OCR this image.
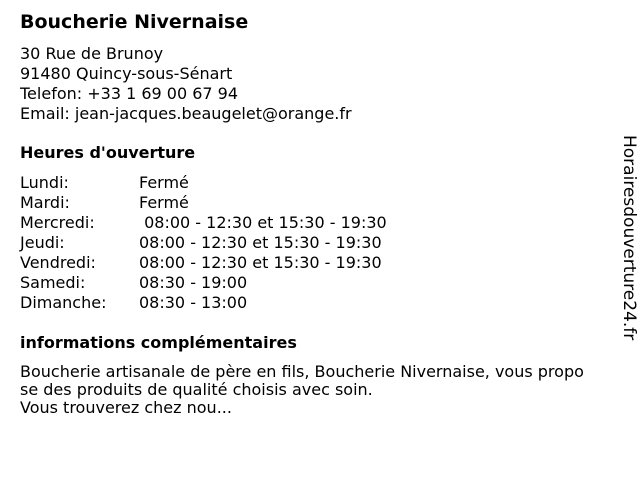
Boucherie Nivernaise
30 Rue de Brunoy
91480 Quincy-sous-Sénart
Telefon: +33 1 69 00 67 94
Email: jean-jacques.beaugelet@orange.fr
Heures d'ouverture
Lundi:	Fermé
Mardi:	Fermé
Mercredi:	08:00 - 12:30 et 15:30 - 19:30
Jeudi:	08:00 - 12:30 et 15:30 - 19:30
Vendredi:	08:00 - 12:30 et 15:30 - 19:30
Samedi:	08:30 - 19:00
Dimanche:	08:30 - 13:00
informations complémentaires
Boucherie artisanale de père en fils, Boucherie Nivernaise, vous propo
se des produits de qualité choisis avec soin.
Vous trouverez chez nou...
Horairesdouverture24.fr
